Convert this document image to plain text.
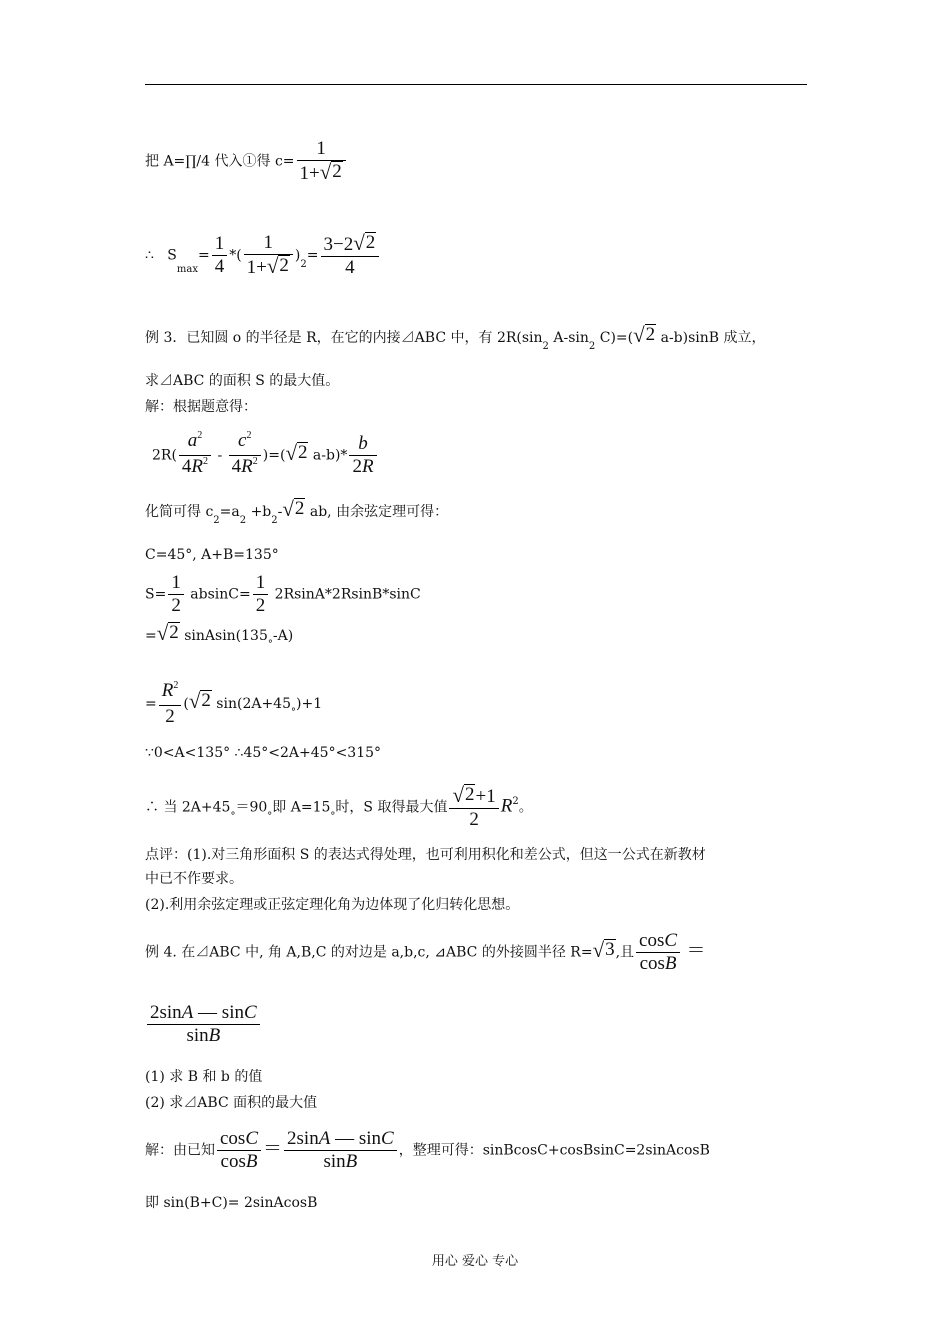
把 A=∏/4 代入①得 $c= \frac{1}{1+ √ 2}$
∴ $S_{max}= \frac{1}{4}$ *( $\frac{1}{1+ √ 2} )_2= \frac{3-2 √ 2}{4}$
例 3．已知圆 o 的半径是 R，在它的内接⊿ABC 中，有 $2R(\sin_2$ $A-\sin_2$ C)=( √ 2 a-b)sinB 成立，
求⊿ABC 的面积 S 的最大值。
解：根据题意得：
$2R( \frac{a^2}{4R^2} - \frac{c^2}{4R^2}$ )=( √ 2 $a-b)* \frac{b}{2R}$
化简可得 $c_2=a_2 +b_2-$ √ 2 ab, 由余弦定理可得：
C=45°, A+B=135°
$S= \frac{1}{2} absinC= \frac{1}{2} 2RsinA*2RsinB*\sin C$
= √ 2 $sinAsin(135^\circ-A)$
= $\frac{R^2}{2}$ ( √ 2 $\sin(2A+45^\circ)+1$
∵0<A<135° ∴45°<2A+45°<315°
∴ 当 $2A+45^\circ=90^\circ$即 $A=15^\circ$时，S 取得最大值 $\frac{√ 2 +1}{2} R^2$。
点评：(1).对三角形面积 S 的表达式得处理，也可利用积化和差公式，但这一公式在新教材
中已不作要求。
(2).利用余弦定理或正弦定理化角为边体现了化归转化思想。
例 4. 在⊿ABC 中, 角 A,B,C 的对边是 a,b,c, ⊿ABC 的外接圆半径 R= √ 3 ,且 $\frac{\cos C}{\cos B}$ ＝
$\frac{2\sin A — \sin C}{\sin B}$
(1) 求 B 和 b 的值
(2) 求⊿ABC 面积的最大值
解：由已知 $\frac{\cos C}{\cos B} = \frac{2\sin A — \sin C}{\sin B}$ ，整理可得：sinBcosC+cosBsinC=2sinAcosB
即 sin(B+C)= 2sinAcosB
用心 爱心 专心
